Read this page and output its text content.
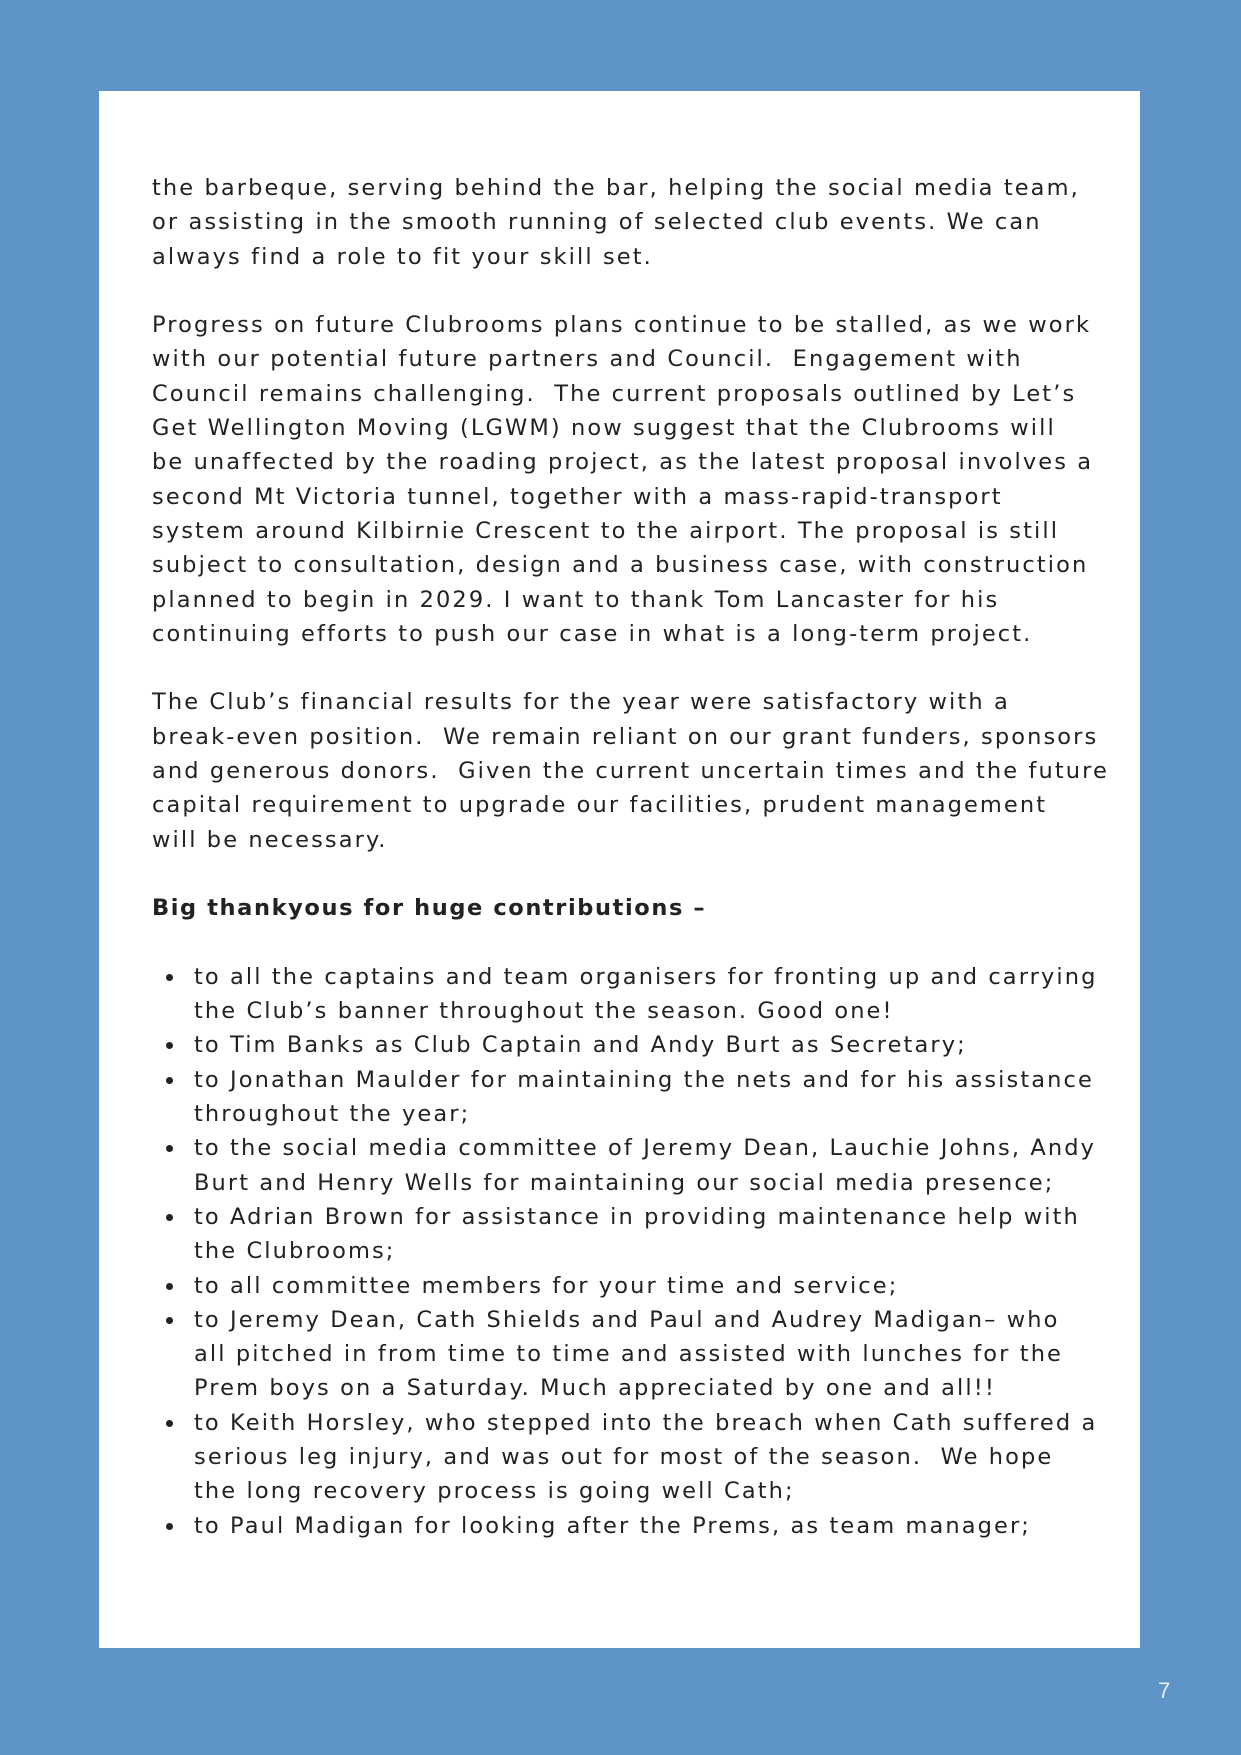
the barbeque, serving behind the bar, helping the social media team,
or assisting in the smooth running of selected club events. We can
always find a role to fit your skill set.
Progress on future Clubrooms plans continue to be stalled, as we work
with our potential future partners and Council.  Engagement with
Council remains challenging.  The current proposals outlined by Let’s
Get Wellington Moving (LGWM) now suggest that the Clubrooms will
be unaffected by the roading project, as the latest proposal involves a
second Mt Victoria tunnel, together with a mass-rapid-transport
system around Kilbirnie Crescent to the airport. The proposal is still
subject to consultation, design and a business case, with construction
planned to begin in 2029. I want to thank Tom Lancaster for his
continuing efforts to push our case in what is a long-term project.
The Club’s financial results for the year were satisfactory with a
break-even position.  We remain reliant on our grant funders, sponsors
and generous donors.  Given the current uncertain times and the future
capital requirement to upgrade our facilities, prudent management
will be necessary.
Big thankyous for huge contributions –
to all the captains and team organisers for fronting up and carrying
the Club’s banner throughout the season. Good one!
to Tim Banks as Club Captain and Andy Burt as Secretary;
to Jonathan Maulder for maintaining the nets and for his assistance
throughout the year;
to the social media committee of Jeremy Dean, Lauchie Johns, Andy
Burt and Henry Wells for maintaining our social media presence;
to Adrian Brown for assistance in providing maintenance help with
the Clubrooms;
to all committee members for your time and service;
to Jeremy Dean, Cath Shields and Paul and Audrey Madigan– who
all pitched in from time to time and assisted with lunches for the
Prem boys on a Saturday. Much appreciated by one and all!!
to Keith Horsley, who stepped into the breach when Cath suffered a
serious leg injury, and was out for most of the season.  We hope
the long recovery process is going well Cath;
to Paul Madigan for looking after the Prems, as team manager;
7
